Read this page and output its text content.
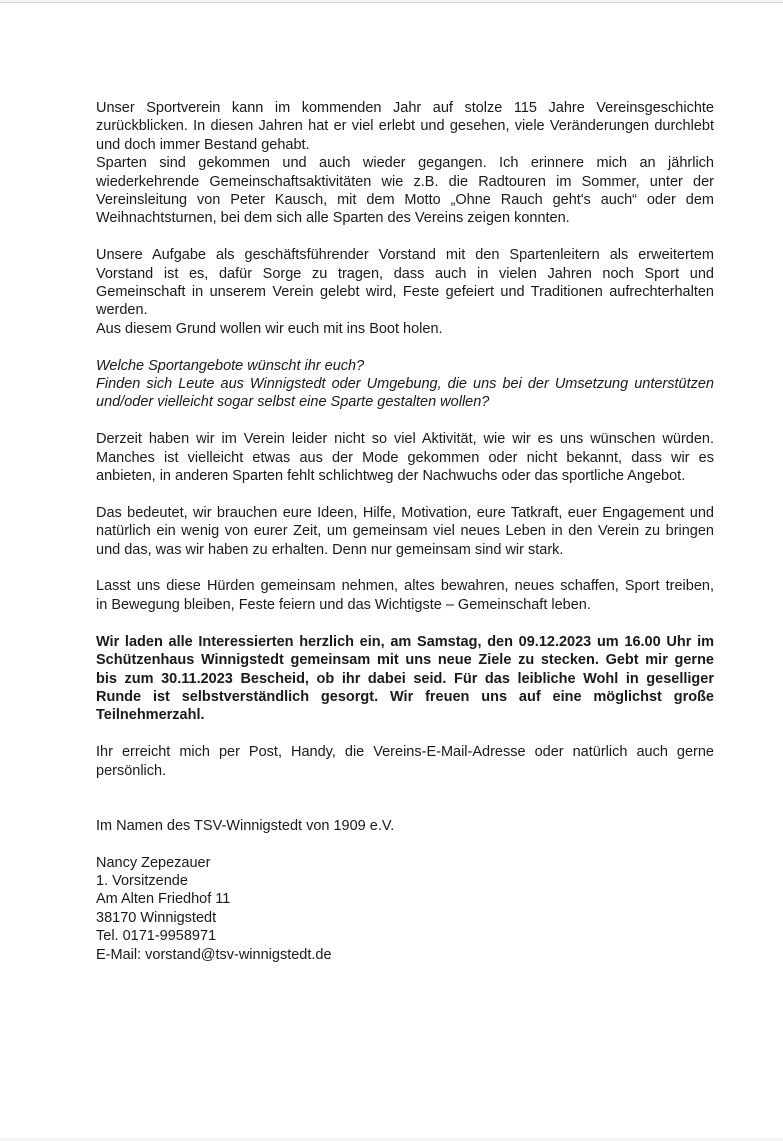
Unser Sportverein kann im kommenden Jahr auf stolze 115 Jahre Vereinsgeschichte
zurückblicken. In diesen Jahren hat er viel erlebt und gesehen, viele Veränderungen durchlebt
und doch immer Bestand gehabt.
Sparten sind gekommen und auch wieder gegangen. Ich erinnere mich an jährlich
wiederkehrende Gemeinschaftsaktivitäten wie z.B. die Radtouren im Sommer, unter der
Vereinsleitung von Peter Kausch, mit dem Motto „Ohne Rauch geht's auch“ oder dem
Weihnachtsturnen, bei dem sich alle Sparten des Vereins zeigen konnten.
Unsere Aufgabe als geschäftsführender Vorstand mit den Spartenleitern als erweitertem
Vorstand ist es, dafür Sorge zu tragen, dass auch in vielen Jahren noch Sport und
Gemeinschaft in unserem Verein gelebt wird, Feste gefeiert und Traditionen aufrechterhalten
werden.
Aus diesem Grund wollen wir euch mit ins Boot holen.
Welche Sportangebote wünscht ihr euch?
Finden sich Leute aus Winnigstedt oder Umgebung, die uns bei der Umsetzung unterstützen
und/oder vielleicht sogar selbst eine Sparte gestalten wollen?
Derzeit haben wir im Verein leider nicht so viel Aktivität, wie wir es uns wünschen würden.
Manches ist vielleicht etwas aus der Mode gekommen oder nicht bekannt, dass wir es
anbieten, in anderen Sparten fehlt schlichtweg der Nachwuchs oder das sportliche Angebot.
Das bedeutet, wir brauchen eure Ideen, Hilfe, Motivation, eure Tatkraft, euer Engagement und
natürlich ein wenig von eurer Zeit, um gemeinsam viel neues Leben in den Verein zu bringen
und das, was wir haben zu erhalten. Denn nur gemeinsam sind wir stark.
Lasst uns diese Hürden gemeinsam nehmen, altes bewahren, neues schaffen, Sport treiben,
in Bewegung bleiben, Feste feiern und das Wichtigste – Gemeinschaft leben.
Wir laden alle Interessierten herzlich ein, am Samstag, den 09.12.2023 um 16.00 Uhr im
Schützenhaus Winnigstedt gemeinsam mit uns neue Ziele zu stecken. Gebt mir gerne
bis zum 30.11.2023 Bescheid, ob ihr dabei seid. Für das leibliche Wohl in geselliger
Runde ist selbstverständlich gesorgt. Wir freuen uns auf eine möglichst große
Teilnehmerzahl.
Ihr erreicht mich per Post, Handy, die Vereins-E-Mail-Adresse oder natürlich auch gerne
persönlich.
Im Namen des TSV-Winnigstedt von 1909 e.V.
Nancy Zepezauer
1. Vorsitzende
Am Alten Friedhof 11
38170 Winnigstedt
Tel. 0171-9958971
E-Mail: vorstand@tsv-winnigstedt.de
